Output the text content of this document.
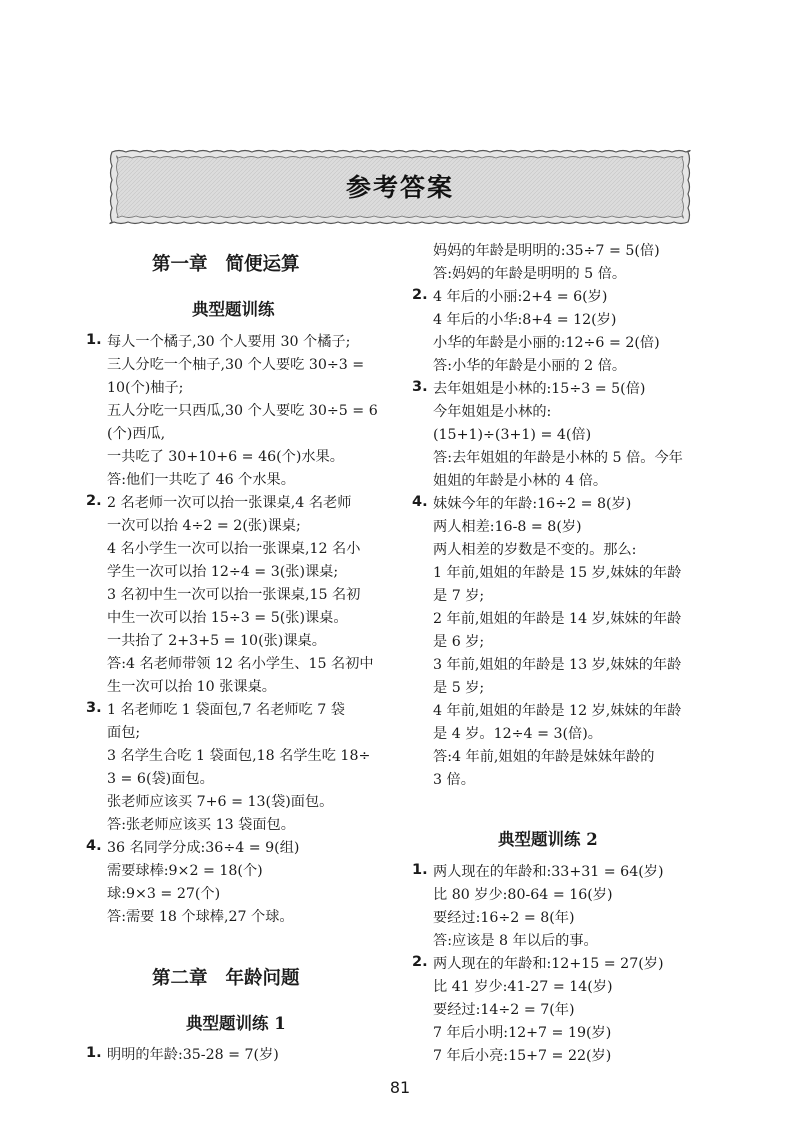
参考答案
第一章 简便运算
典型题训练
1. 每人一个橘子,30 个人要用 30 个橘子;
三人分吃一个柚子,30 个人要吃 30÷3 =
10(个)柚子;
五人分吃一只西瓜,30 个人要吃 30÷5 = 6
(个)西瓜,
一共吃了 30+10+6 = 46(个)水果。
答:他们一共吃了 46 个水果。
2. 2 名老师一次可以抬一张课桌,4 名老师
一次可以抬 4÷2 = 2(张)课桌;
4 名小学生一次可以抬一张课桌,12 名小
学生一次可以抬 12÷4 = 3(张)课桌;
3 名初中生一次可以抬一张课桌,15 名初
中生一次可以抬 15÷3 = 5(张)课桌。
一共抬了 2+3+5 = 10(张)课桌。
答:4 名老师带领 12 名小学生、15 名初中
生一次可以抬 10 张课桌。
3. 1 名老师吃 1 袋面包,7 名老师吃 7 袋
面包;
3 名学生合吃 1 袋面包,18 名学生吃 18÷
3 = 6(袋)面包。
张老师应该买 7+6 = 13(袋)面包。
答:张老师应该买 13 袋面包。
4. 36 名同学分成:36÷4 = 9(组)
需要球棒:9×2 = 18(个)
球:9×3 = 27(个)
答:需要 18 个球棒,27 个球。
第二章 年龄问题
典型题训练 1
1. 明明的年龄:35-28 = 7(岁)
妈妈的年龄是明明的:35÷7 = 5(倍)
答:妈妈的年龄是明明的 5 倍。
2. 4 年后的小丽:2+4 = 6(岁)
4 年后的小华:8+4 = 12(岁)
小华的年龄是小丽的:12÷6 = 2(倍)
答:小华的年龄是小丽的 2 倍。
3. 去年姐姐是小林的:15÷3 = 5(倍)
今年姐姐是小林的:
(15+1)÷(3+1) = 4(倍)
答:去年姐姐的年龄是小林的 5 倍。今年
姐姐的年龄是小林的 4 倍。
4. 妹妹今年的年龄:16÷2 = 8(岁)
两人相差:16-8 = 8(岁)
两人相差的岁数是不变的。那么:
1 年前,姐姐的年龄是 15 岁,妹妹的年龄
是 7 岁;
2 年前,姐姐的年龄是 14 岁,妹妹的年龄
是 6 岁;
3 年前,姐姐的年龄是 13 岁,妹妹的年龄
是 5 岁;
4 年前,姐姐的年龄是 12 岁,妹妹的年龄
是 4 岁。12÷4 = 3(倍)。
答:4 年前,姐姐的年龄是妹妹年龄的
3 倍。
典型题训练 2
1. 两人现在的年龄和:33+31 = 64(岁)
比 80 岁少:80-64 = 16(岁)
要经过:16÷2 = 8(年)
答:应该是 8 年以后的事。
2. 两人现在的年龄和:12+15 = 27(岁)
比 41 岁少:41-27 = 14(岁)
要经过:14÷2 = 7(年)
7 年后小明:12+7 = 19(岁)
7 年后小亮:15+7 = 22(岁)
81
